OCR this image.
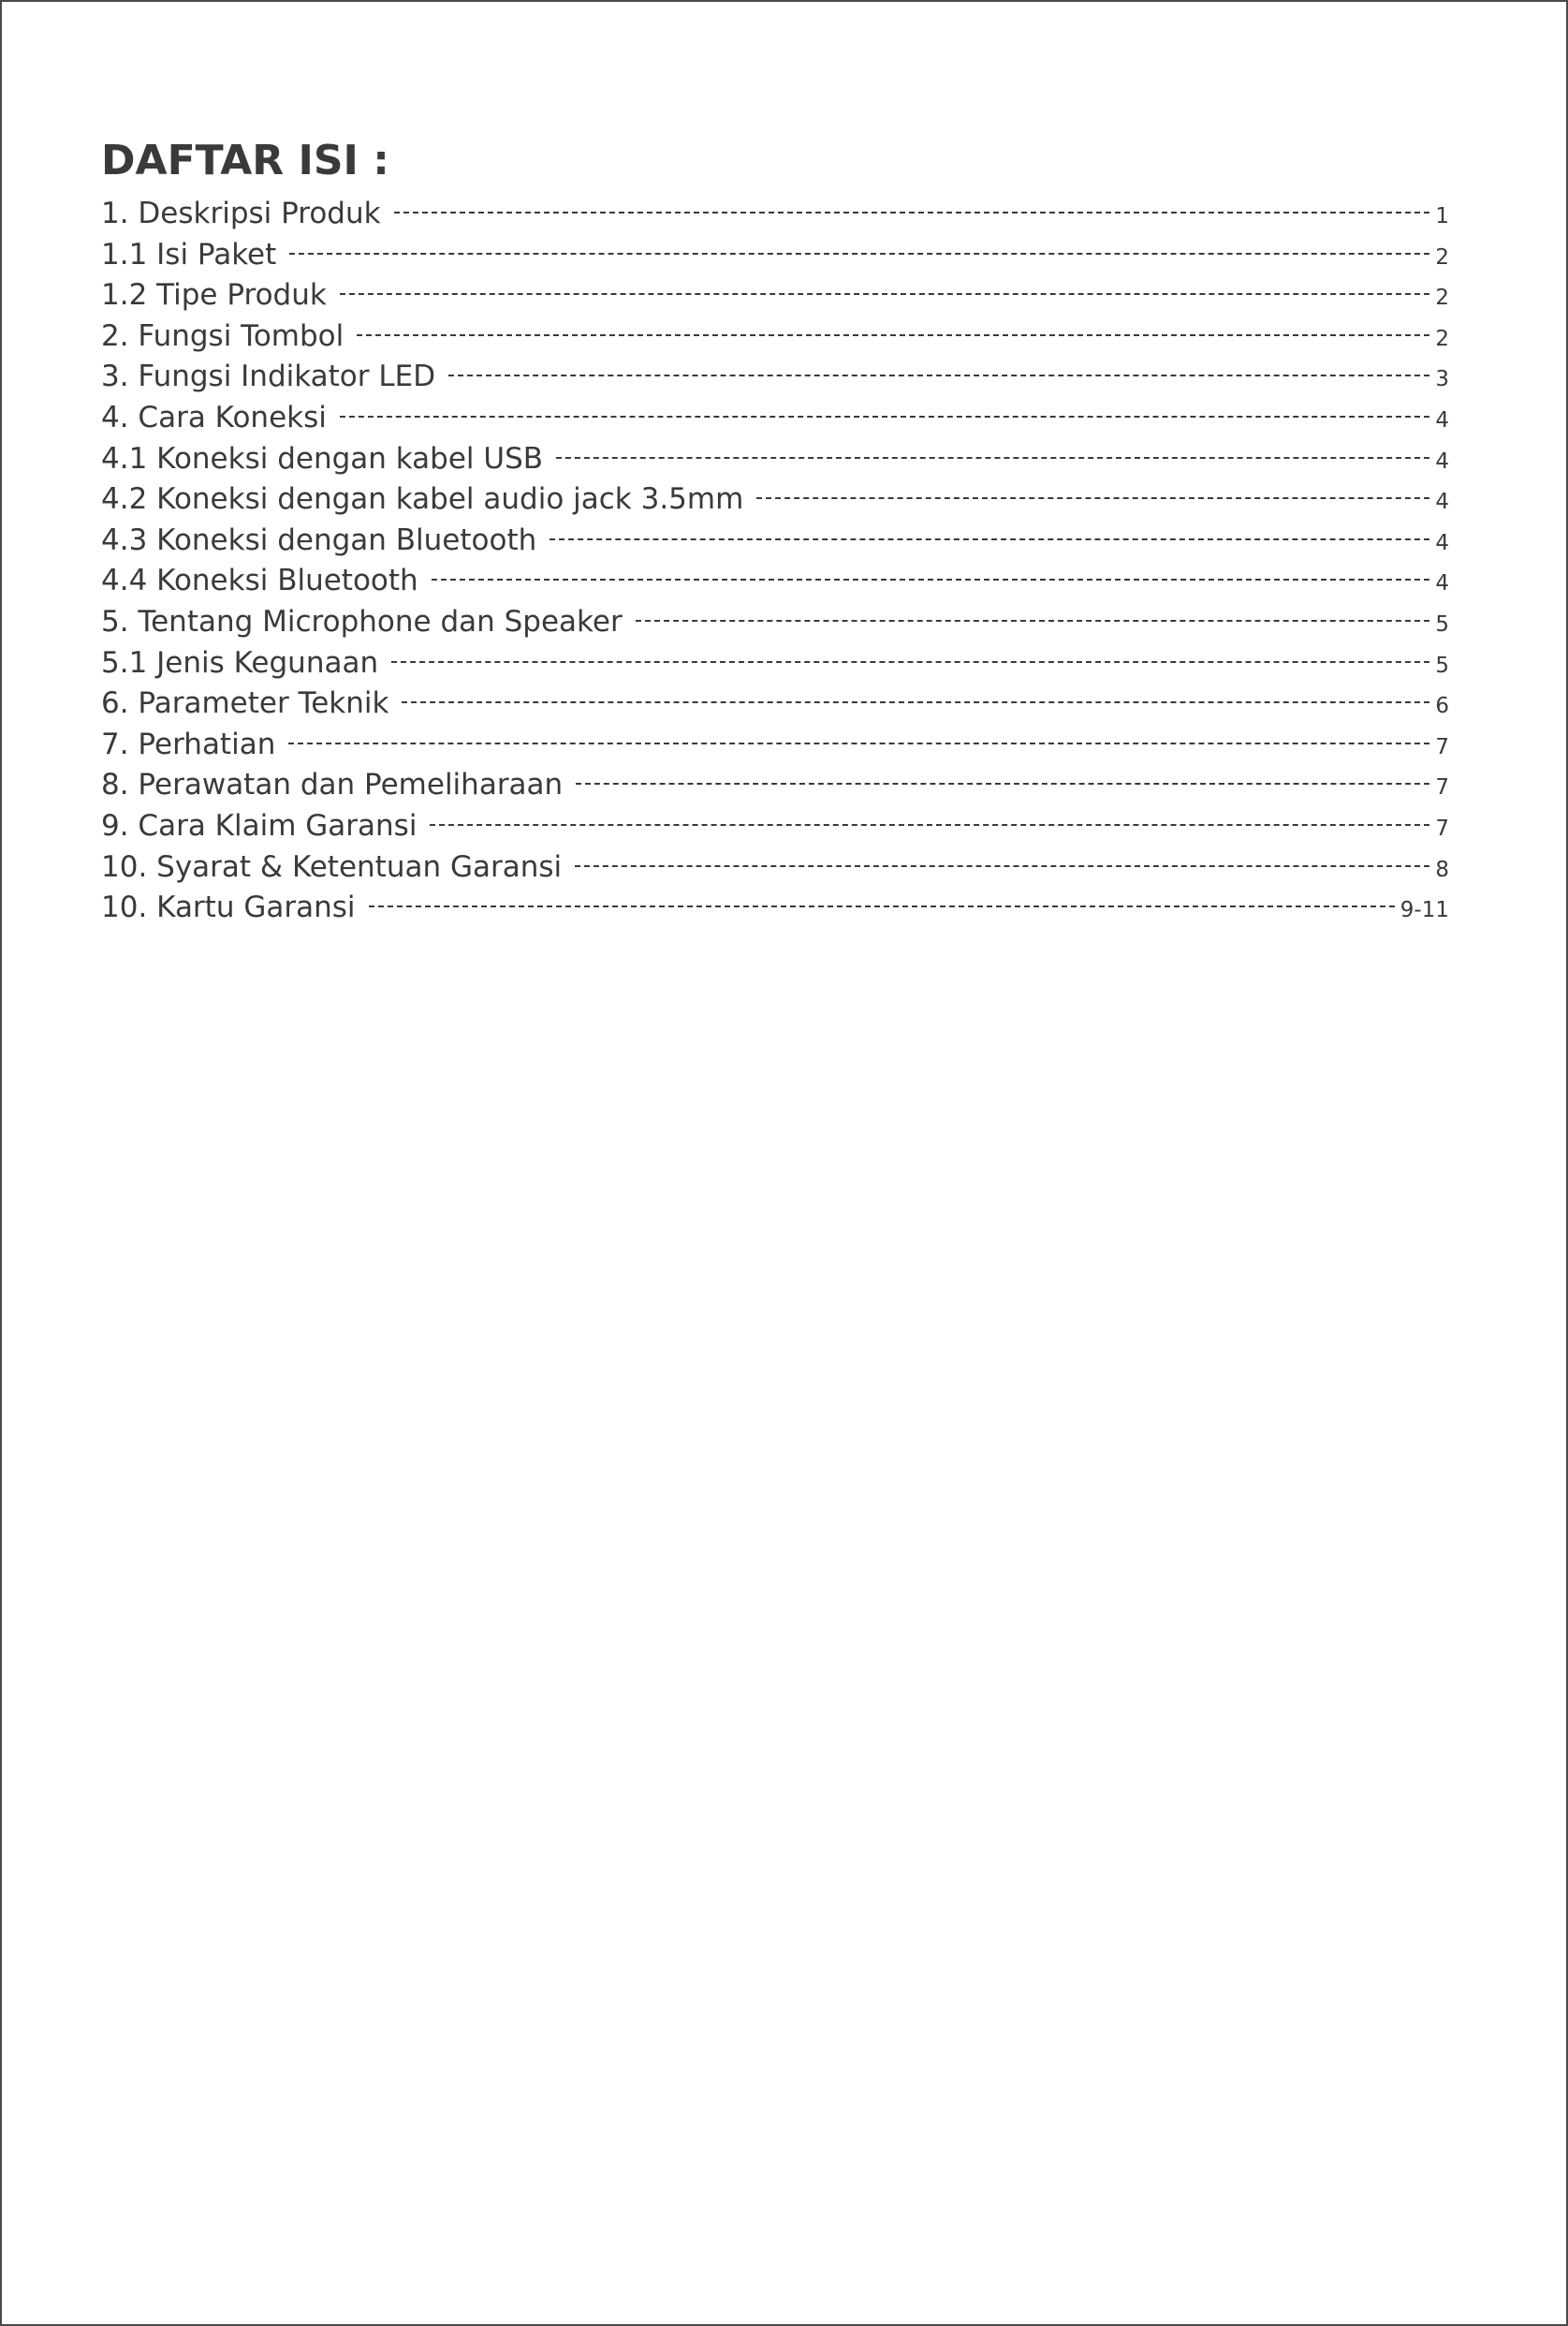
DAFTAR ISI :
1. Deskripsi Produk	1
1.1 Isi Paket	2
1.2 Tipe Produk	2
2. Fungsi Tombol	2
3. Fungsi Indikator LED	3
4. Cara Koneksi	4
4.1 Koneksi dengan kabel USB	4
4.2 Koneksi dengan kabel audio jack 3.5mm	4
4.3 Koneksi dengan Bluetooth	4
4.4 Koneksi Bluetooth	4
5. Tentang Microphone dan Speaker	5
5.1 Jenis Kegunaan	5
6. Parameter Teknik	6
7. Perhatian	7
8. Perawatan dan Pemeliharaan	7
9. Cara Klaim Garansi	7
10. Syarat & Ketentuan Garansi	8
10. Kartu Garansi	9-11
